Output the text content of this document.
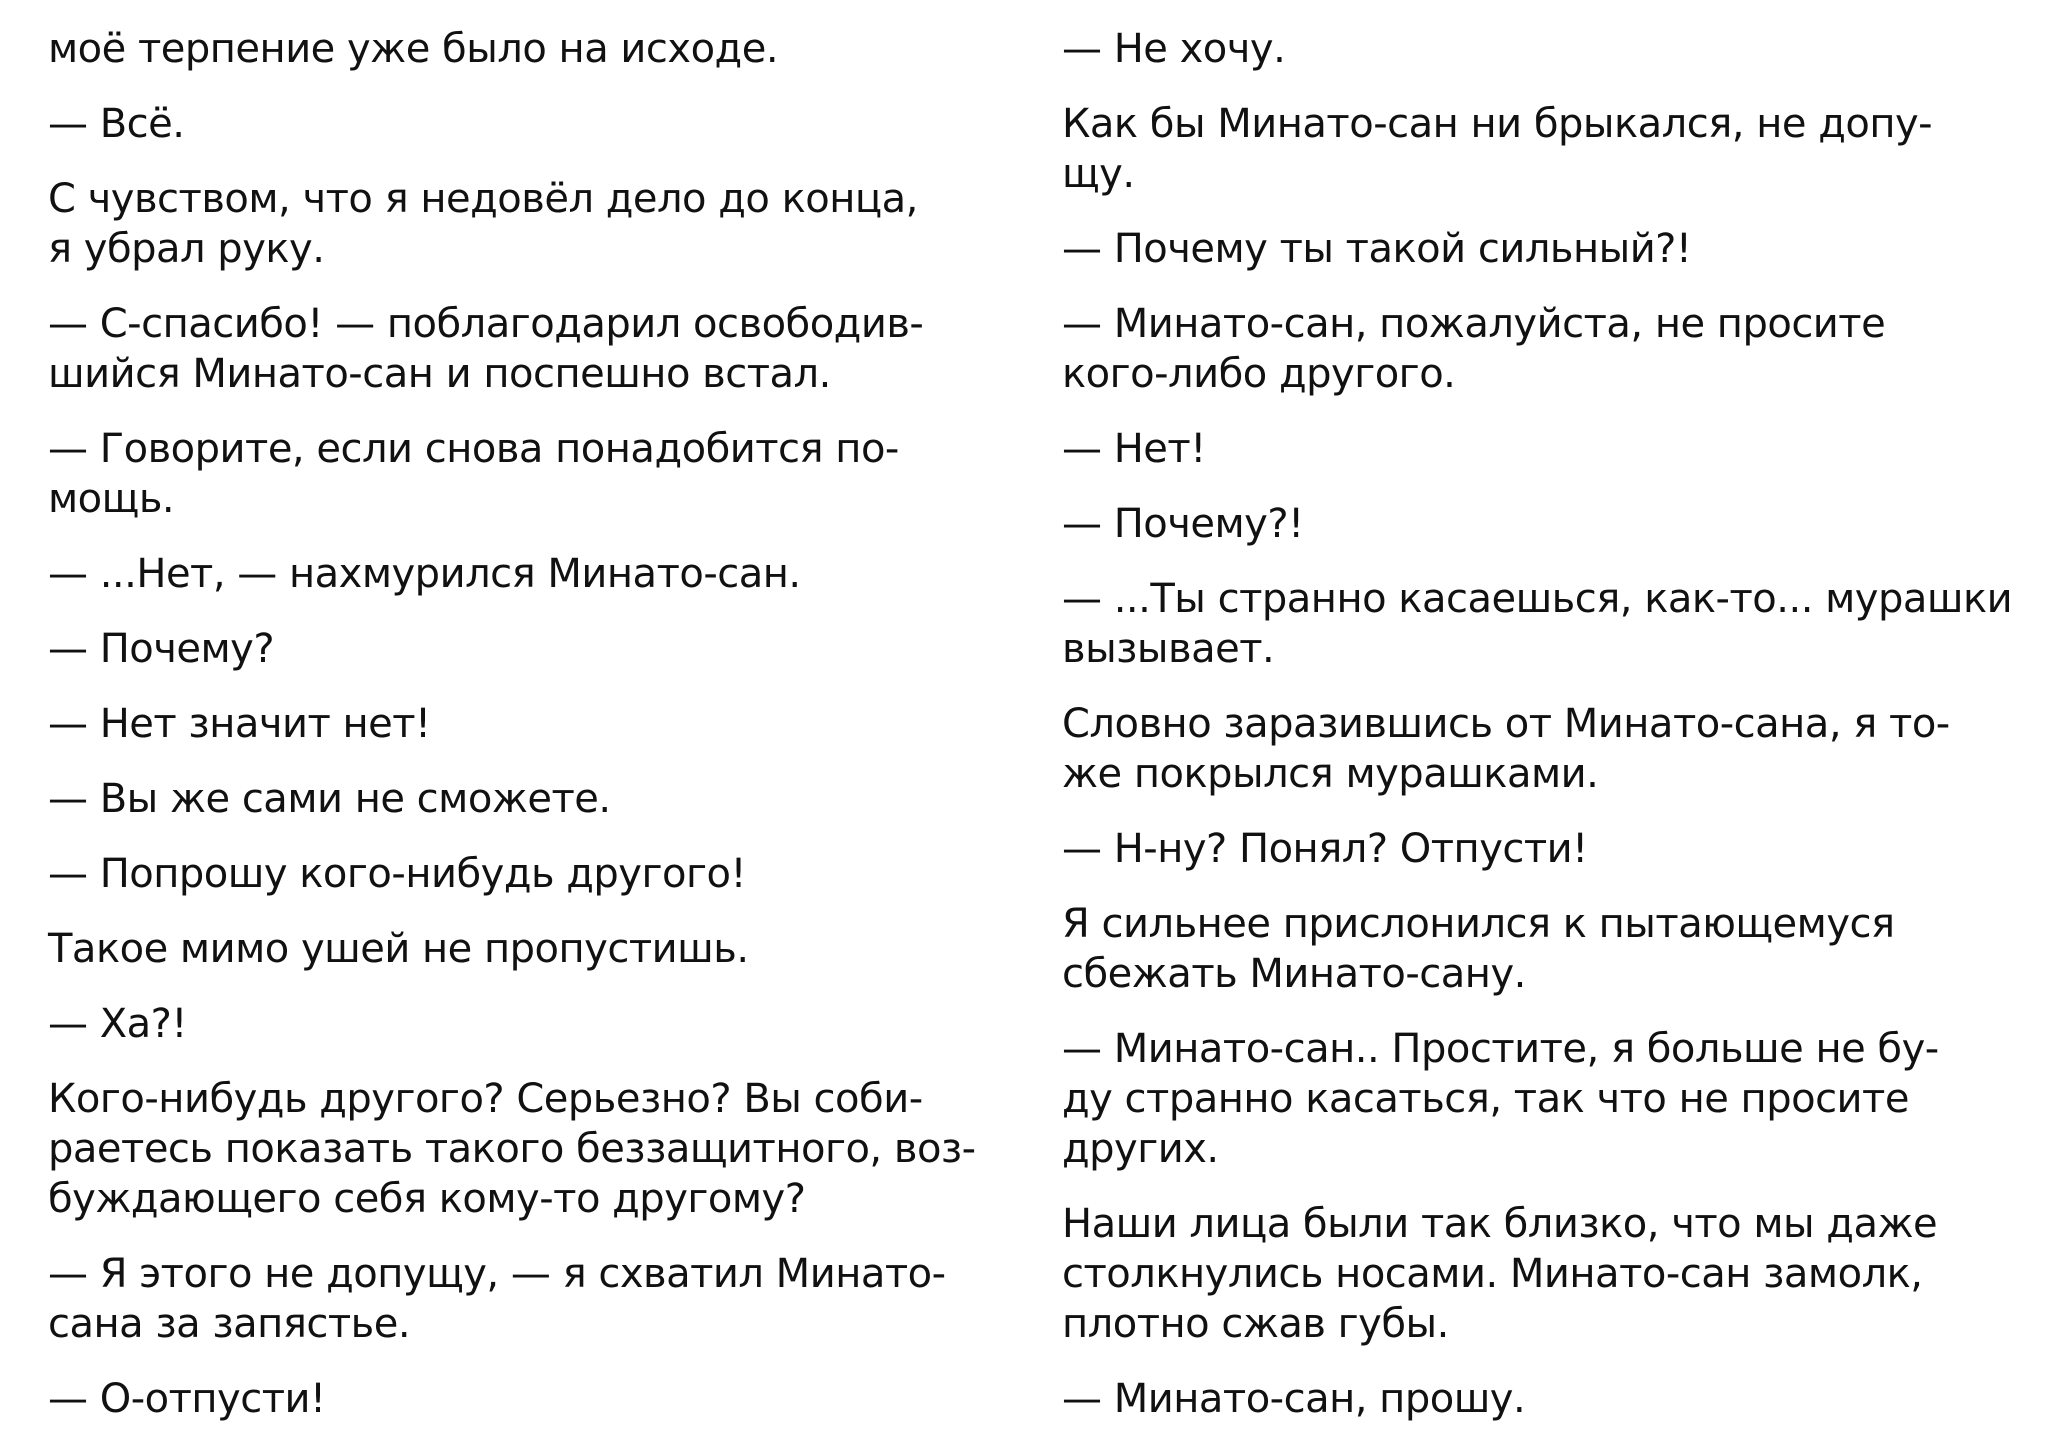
моё терпение уже было на исходе.

— Всё.

С чувством, что я недовёл дело до конца,
я убрал руку.

— С-спасибо! — поблагодарил освободив-
шийся Минато-сан и поспешно встал.

— Говорите, если снова понадобится по-
мощь.

— ...Нет, — нахмурился Минато-сан.

— Почему?

— Нет значит нет!

— Вы же сами не сможете.

— Попрошу кого-нибудь другого!

Такое мимо ушей не пропустишь.

— Ха?!

Кого-нибудь другого? Серьезно? Вы соби-
раетесь показать такого беззащитного, воз-
буждающего себя кому-то другому?

— Я этого не допущу, — я схватил Минато-
сана за запястье.

— О-отпусти!

— Не хочу.

Как бы Минато-сан ни брыкался, не допу-
щу.

— Почему ты такой сильный?!

— Минато-сан, пожалуйста, не просите
кого-либо другого.

— Нет!

— Почему?!

— ...Ты странно касаешься, как-то... мурашки
вызывает.

Словно заразившись от Минато-сана, я то-
же покрылся мурашками.

— Н-ну? Понял? Отпусти!

Я сильнее прислонился к пытающемуся
сбежать Минато-сану.

— Минато-сан.. Простите, я больше не бу-
ду странно касаться, так что не просите
других.

Наши лица были так близко, что мы даже
столкнулись носами. Минато-сан замолк,
плотно сжав губы.

— Минато-сан, прошу.
